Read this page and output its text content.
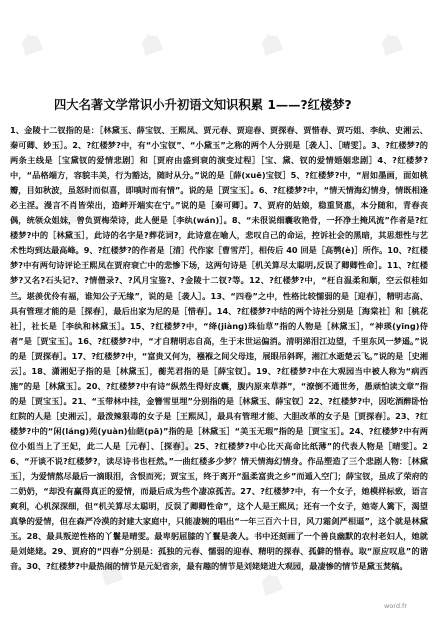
☗	☗	☗	☗
☗
☗
☗
☗
☗
☗
☗	☗
四大名著文学常识小升初语文知识积累 1——?红楼梦?

1、金陵十二钗指的是：［林黛玉、薛宝钗、王熙凤、贾元春、贾迎春、贾探春、贾惜春、贾巧姐、李纨、史湘云、秦可卿、妙玉］。2、?红楼梦?中，有“小宝钗”、“小黛玉”之称的两个人分别是［袭人］、［晴雯］。3、?红楼梦?的两条主线是［宝黛钗的爱情悲剧］和［贾府由盛到衰的演变过程］［宝、黛、钗的爱情婚姻悲剧］4、?红楼梦?中，“品格端方，容貌丰美，行为豁达，随时从分。”说的是［薛(xuē)宝钗］5、?红楼梦?中，“眉如墨画，面如桃瓣，目如秋波，虽怒时而似喜，即嗔时而有情”。说的是［贾宝玉］。6、?红楼梦?中，“情天情海幻情身，情既相逢必主淫。漫言不肖皆荣出，造衅开端实在宁。”说的是［秦可卿］。7、贾府的姑娘，稳重贤惠，本分随和，青春丧偶，统领众姐妹，曾负贾梅荣诗，此人便是［李纨(wán)］。8、“未很说细囊收艳骨，一抔净土掩风流”作者是?红楼梦?中的［林黛玉］，此诗的名字是?葬花词?，此诗意在喻人，悲叹自己的命运，控诉社会的黑暗，其思想性与艺术性均到达最高峰。9、?红楼梦?的作者是［清］代作家［曹雪芹］，相传后 40 回是［高鹗(è)］所作。10、?红楼梦?中有两句诗评论王熙凤在贾府衰亡中的悲惨下场，这两句诗是［机关算尽太聪明,反误了卿卿性命］。11、?红楼梦?又名?石头记?、?情僧录?、?风月宝鉴?、?金陵十二钗?等。12、?红楼梦?中，“枉自温柔和顺，空云似桂如兰。堪羡优伶有福，谁知公子无缘”，说的是［袭人］。13、“四卷”之中，性格比较懦弱的是［迎春］，精明志高、具有管理才能的是［探春］，最后出家为尼的是［惜春］。14、?红楼梦?中结的两个诗社分别是［海棠社］和［桃花社］，社长是［李纨和林黛玉］。15、?红楼梦?中，“绛(jiàng)珠仙草”指的人物是［林黛玉］，“神瑛(yīng)侍者”是［贾宝玉］。16、?红楼梦?中，“才自精明志自高，生于末世运偏消。清明涕泪江边望，千里东风一梦遥。”说的是［贾探春］。17、?红楼梦?中，“富贵又何为，襁褓之间父母违，展眼吊斜晖，湘江水逝楚云飞。”说的是［史湘云］。18、潇湘妃子指的是［林黛玉］，蘅芜君指的是［薛宝钗］。19、?红楼梦?中在大观园当中被人称为“病西施”的是［林黛玉］。20、?红楼梦?中有诗“纵然生得好皮囊，腹内原来草莽”，“潦倒不通世务，愚顽怕读文章”指的是［贾宝玉］。21、“玉带林中挂，金簪雪里埋”分别指的是［林黛玉、薛宝钗］22、?红楼梦?中，因吃酒醉卧怡红院的人是［史湘云］，最泼辣狠毒的女子是［王熙凤］，最具有管理才能、大胆改革的女子是［贾探春］。23、?红楼梦?中的“闲(láng)苑(yuàn)仙葩(pā)”指的是［林黛玉］“美玉无瑕”指的是［贾宝玉］。24、?红楼梦?中有两位小姐当上了王妃，此二人是［元春］、［探春］。25、?红楼梦?中心比天高命比纸薄”的代表人物是［晴雯］。26、“开谈不说?红楼梦?，读尽诗书也枉然。”一曲红楼多少梦？情天情海幻情身。作品塑造了三个悲剧人物：［林黛玉］，为爱情熬尽最后一滴眼泪，含恨而死；贾宝玉，终于离开“温柔富贵之乡”而遁入空门；薛宝钗，虽成了荣府的二奶奶，“却没有赢得真正的爱情，而最后成为些个凄凉孤苦。27、?红楼梦?中，有一个女子，她模样标致，语言爽利，心机深深细，但“机关算尽太聪明，反误了卿卿性命”，这个人是王熙凤；还有一个女子，她寄人篱下，渴望真挚的爱情，但在森严冷漠的封建大家庭中，只能凄婉的唱出“一年三百六十日，风刀霜剑严相逼”，这个就是林黛玉。28、最具叛逆性格的丫鬟是晴雯。最卑躬屈膝的丫鬟是袭人。书中还刻画了一个善良幽默的农村老妇人，她就是刘姥姥。29、贾府的“四春”分别是：孤独的元春、懦弱的迎春、精明的探春、孤僻的惜春。取“原应叹息”的谐音。30、?红楼梦?中最热闹的情节是元妃省亲，最有趣的情节是刘姥姥进大观园，最凄惨的情节是黛玉焚稿。

word.fr
